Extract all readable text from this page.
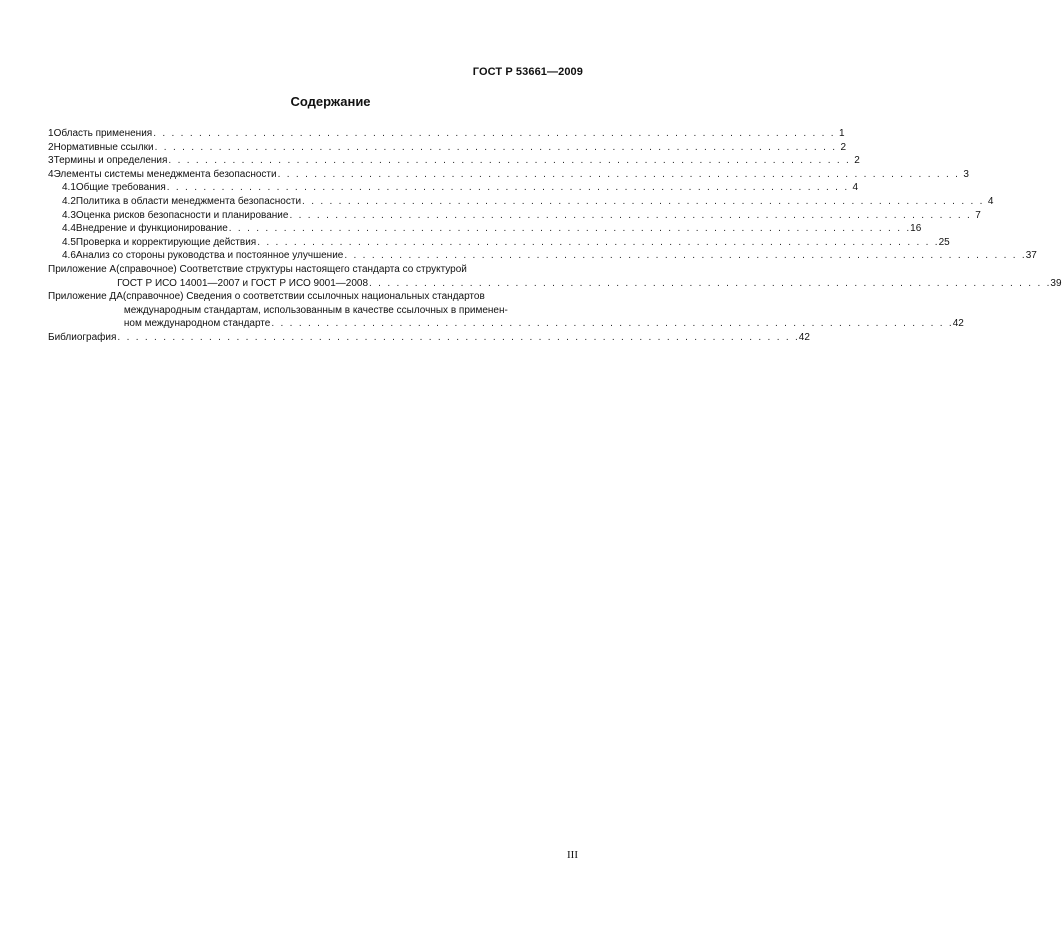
ГОСТ Р 53661—2009
Содержание
1 Область применения . . .	1
2 Нормативные ссылки . . .	2
3 Термины и определения . . .	2
4 Элементы системы менеджмента безопасности . . .	3
4.1 Общие требования . . .	4
4.2 Политика в области менеджмента безопасности . . .	4
4.3 Оценка рисков безопасности и планирование . . .	7
4.4 Внедрение и функционирование . . .	16
4.5 Проверка и корректирующие действия . . .	25
4.6 Анализ со стороны руководства и постоянное улучшение . . .	37
Приложение А (справочное) Соответствие структуры настоящего стандарта со структурой
ГОСТ Р ИСО 14001—2007 и ГОСТ Р ИСО 9001—2008 . . .	39
Приложение ДА (справочное) Сведения о соответствии ссылочных национальных стандартов
международным стандартам, использованным в качестве ссылочных в применен-
ном международном стандарте . . .	42
Библиография . . .	42
III
